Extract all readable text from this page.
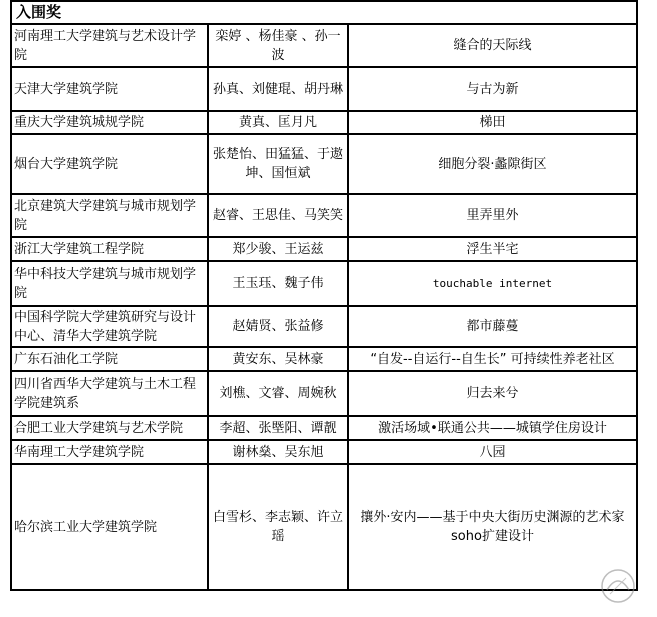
入围奖		
河南理工大学建筑与艺术设计学院	栾婷 、杨佳豪 、孙一波	缝合的天际线
天津大学建筑学院	孙真、刘健琨、胡丹琳	与古为新
重庆大学建筑城规学院	黄真、匡月凡	梯田
烟台大学建筑学院	张楚怡、田猛猛、于遨坤、国恒斌	细胞分裂·蠡隙街区
北京建筑大学建筑与城市规划学院	赵睿、王思佳、马笑笑	里弄里外
浙江大学建筑工程学院	郑少骏、王运兹	浮生半宅
华中科技大学建筑与城市规划学院	王玉珏、魏子伟	touchable internet
中国科学院大学建筑研究与设计中心、清华大学建筑学院	赵婧贤、张益修	都市藤蔓
广东石油化工学院	黄安东、吴林豪	“自发--自运行--自生长” 可持续性养老社区
四川省西华大学建筑与土木工程学院建筑系	刘樵、文睿、周婉秋	归去来兮
合肥工业大学建筑与艺术学院	李超、张塈阳、谭靓	激活场域•联通公共——城镇学住房设计
华南理工大学建筑学院	谢林燊、吴东旭	八园
哈尔滨工业大学建筑学院	白雪杉、李志颖、许立瑶	攘外·安内——基于中央大街历史渊源的艺术家soho扩建设计
